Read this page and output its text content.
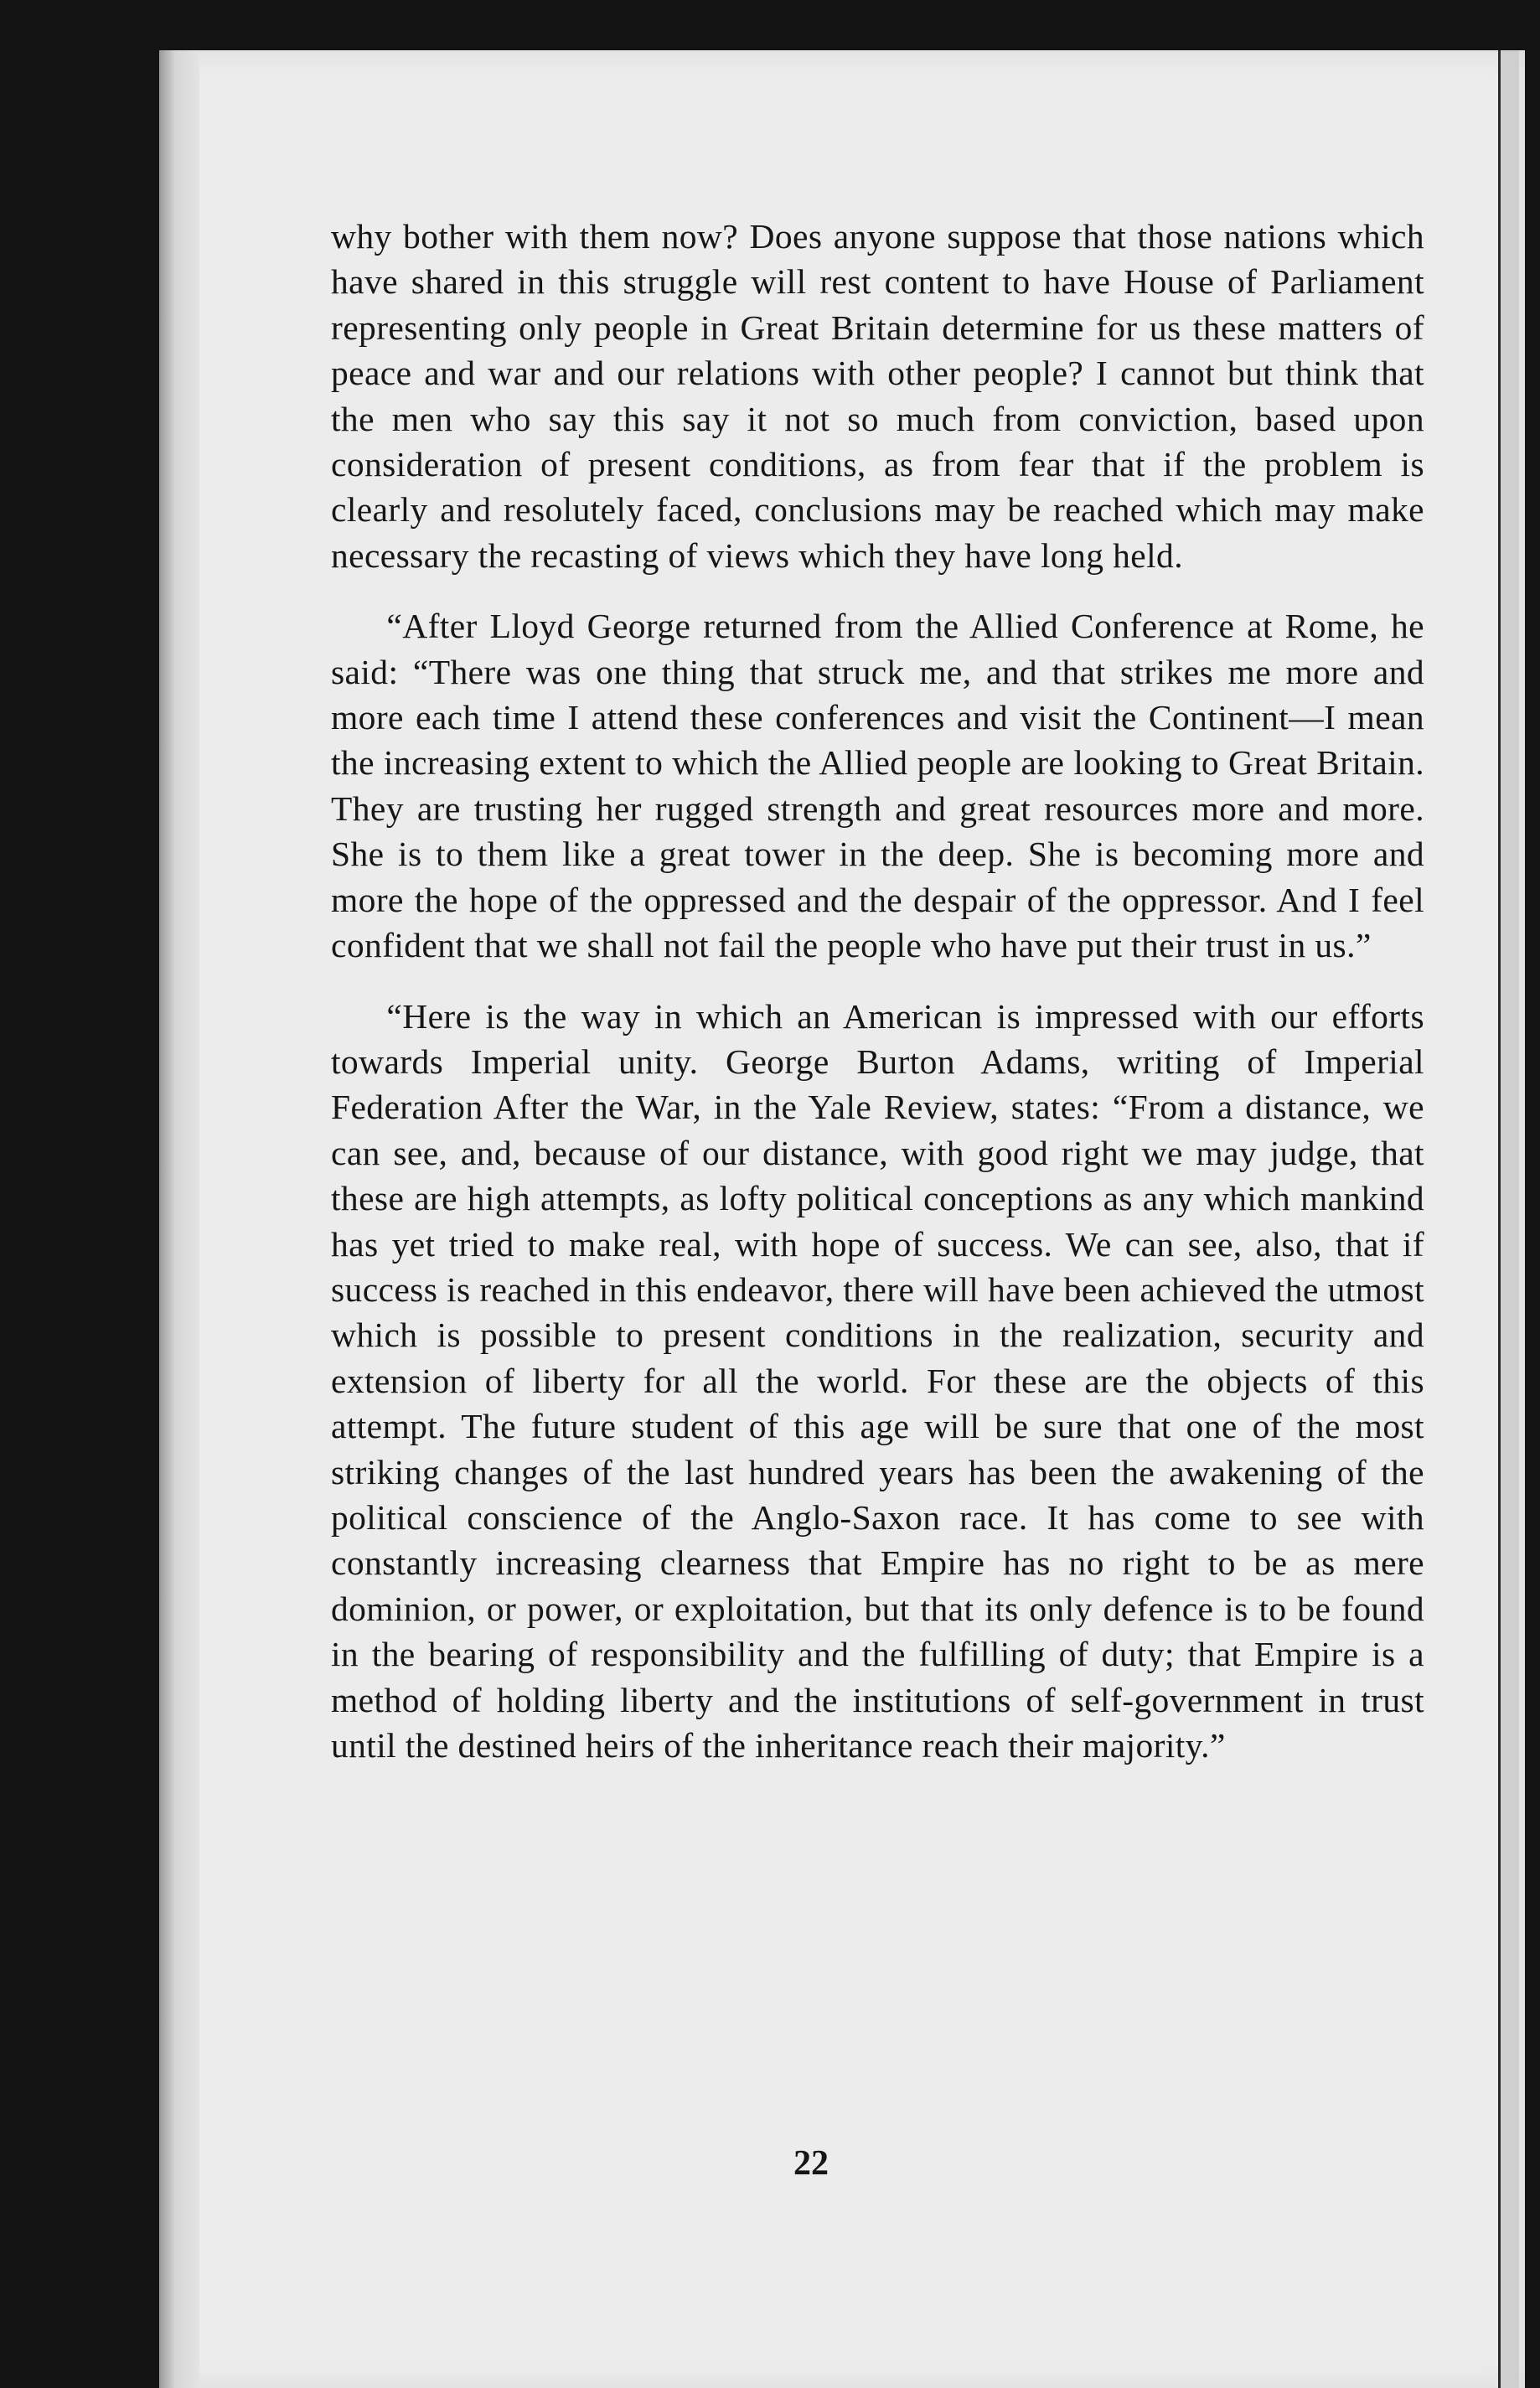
why bother with them now? Does anyone suppose that those nations which have shared in this struggle will rest content to have House of Parliament representing only people in Great Britain determine for us these matters of peace and war and our relations with other people? I cannot but think that the men who say this say it not so much from conviction, based upon consideration of present conditions, as from fear that if the problem is clearly and resolutely faced, conclusions may be reached which may make necessary the recasting of views which they have long held.

“After Lloyd George returned from the Allied Conference at Rome, he said: “There was one thing that struck me, and that strikes me more and more each time I attend these conferences and visit the Continent—I mean the increasing extent to which the Allied people are looking to Great Britain. They are trusting her rugged strength and great resources more and more. She is to them like a great tower in the deep. She is becoming more and more the hope of the oppressed and the despair of the oppressor. And I feel confident that we shall not fail the people who have put their trust in us.”

“Here is the way in which an American is impressed with our efforts towards Imperial unity. George Burton Adams, writing of Imperial Federation After the War, in the Yale Review, states: “From a distance, we can see, and, because of our distance, with good right we may judge, that these are high attempts, as lofty political conceptions as any which mankind has yet tried to make real, with hope of success. We can see, also, that if success is reached in this endeavor, there will have been achieved the utmost which is possible to present conditions in the realization, security and extension of liberty for all the world. For these are the objects of this attempt. The future student of this age will be sure that one of the most striking changes of the last hundred years has been the awakening of the political conscience of the Anglo-Saxon race. It has come to see with constantly increasing clearness that Empire has no right to be as mere dominion, or power, or exploitation, but that its only defence is to be found in the bearing of responsibility and the fulfilling of duty; that Empire is a method of holding liberty and the institutions of self-government in trust until the destined heirs of the inheritance reach their majority.”

22
